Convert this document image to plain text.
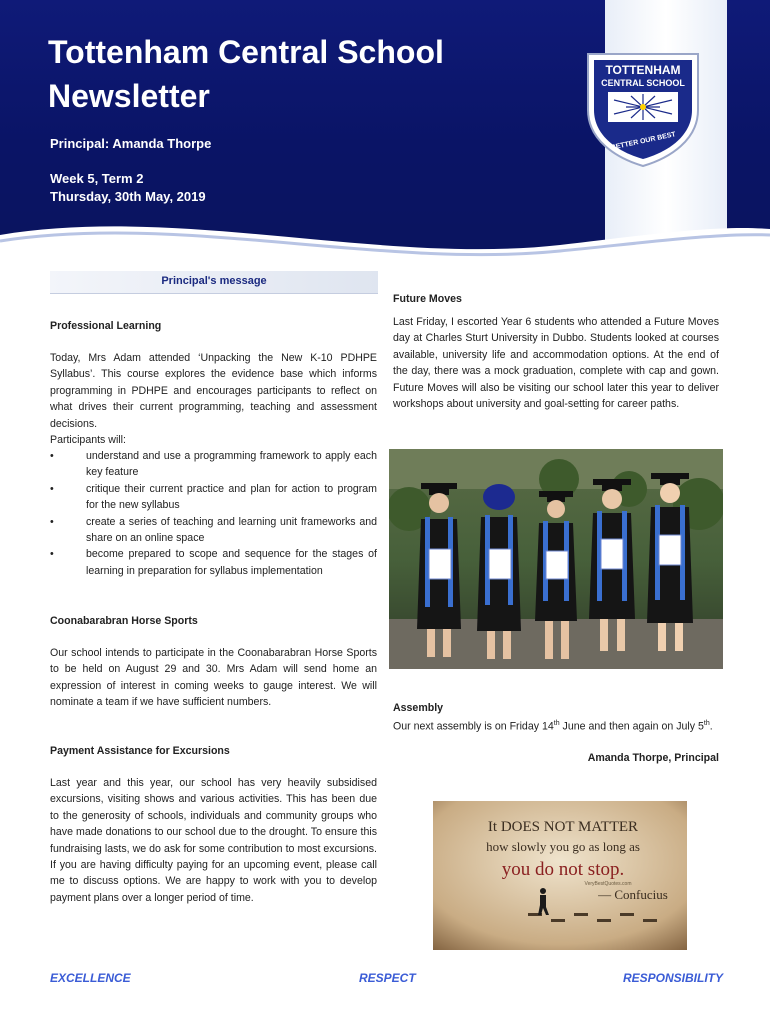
Tottenham Central School
Newsletter
Principal: Amanda Thorpe
Week 5, Term 2
Thursday, 30th May, 2019
TOTTENHAM
CENTRAL SCHOOL
BETTER OUR BEST
Principal's message
Professional Learning
Today, Mrs Adam attended ‘Unpacking the New K-10 PDHPE Syllabus’. This course explores the evidence base which informs programming in PDHPE and encourages participants to reflect on what drives their current programming, teaching and assessment decisions.
Participants will:
• understand and use a programming framework to apply each key feature
• critique their current practice and plan for action to program for the new syllabus
• create a series of teaching and learning unit frameworks and share on an online space
• become prepared to scope and sequence for the stages of learning in preparation for syllabus implementation
Coonabarabran Horse Sports
Our school intends to participate in the Coonabarabran Horse Sports to be held on August 29 and 30. Mrs Adam will send home an expression of interest in coming weeks to gauge interest. We will nominate a team if we have sufficient numbers.
Payment Assistance for Excursions
Last year and this year, our school has very heavily subsidised excursions, visiting shows and various activities. This has been due to the generosity of schools, individuals and community groups who have made donations to our school due to the drought. To ensure this fundraising lasts, we do ask for some contribution to most excursions. If you are having difficulty paying for an upcoming event, please call me to discuss options. We are happy to work with you to develop payment plans over a longer period of time.
Future Moves
Last Friday, I escorted Year 6 students who attended a Future Moves day at Charles Sturt University in Dubbo. Students looked at courses available, university life and accommodation options. At the end of the day, there was a mock graduation, complete with cap and gown. Future Moves will also be visiting our school later this year to deliver workshops about university and goal-setting for career paths.
Assembly
Our next assembly is on Friday 14th June and then again on July 5th.
Amanda Thorpe, Principal
It DOES NOT MATTER
how slowly you go as long as
you do not stop.
VeryBestQuotes.com
— Confucius
EXCELLENCE	RESPECT	RESPONSIBILITY
